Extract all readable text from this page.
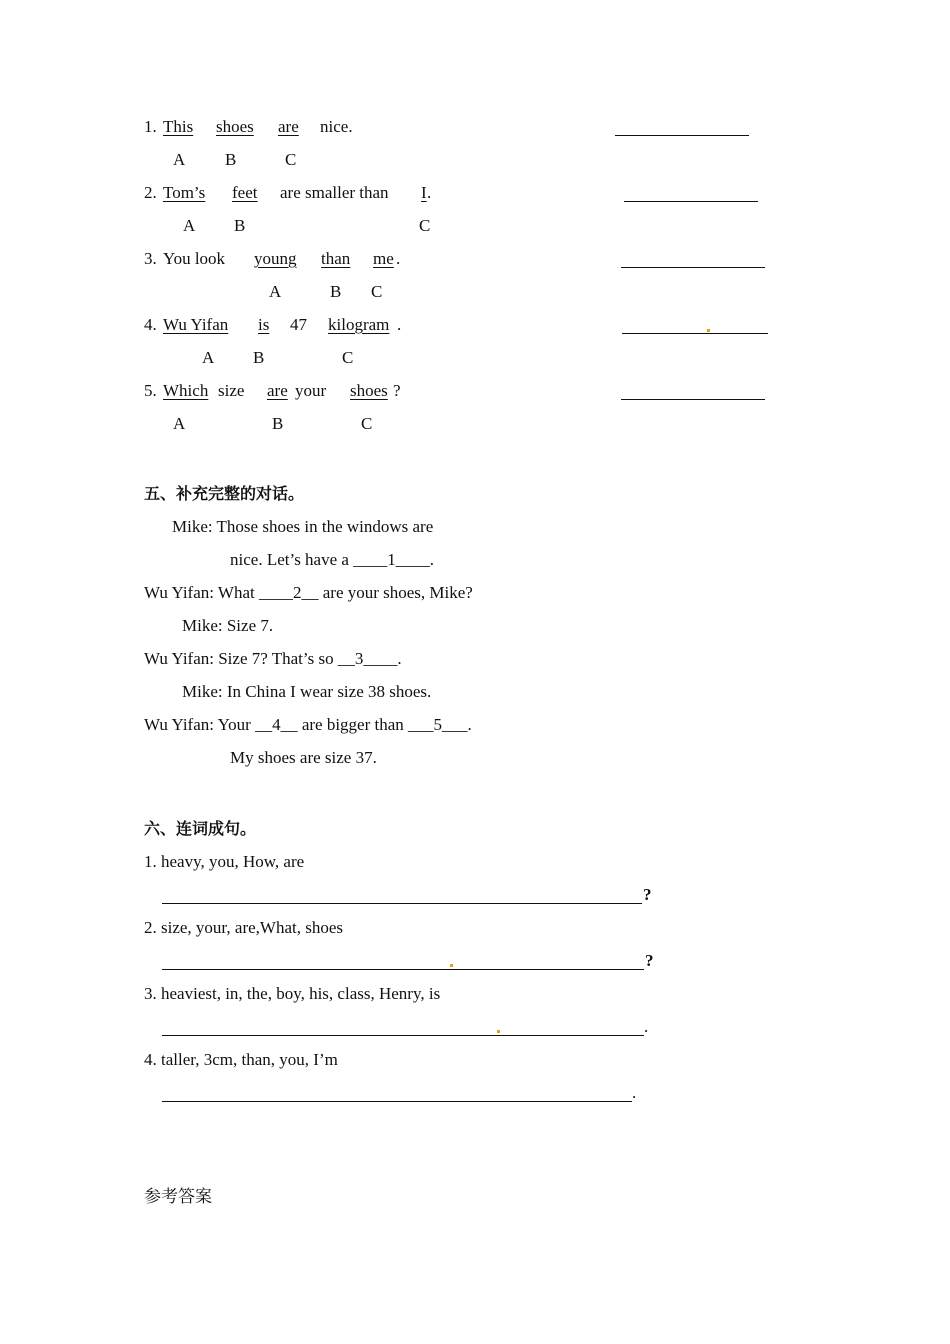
1. This shoes are nice.
A B	C
2. Tom’s feet are smaller than I .
A B	C
3. You look young than me .
A	B C
4. Wu Yifan is 47 kilogram .
A B	C
5. Which size are your shoes ?
A	B	C
五、补充完整的对话。
Mike: Those shoes in the windows are
nice. Let’s have a ____1____.
Wu Yifan: What ____2__ are your shoes, Mike?
Mike: Size 7.
Wu Yifan: Size 7? That’s so __3____.
Mike: In China I wear size 38 shoes.
Wu Yifan: Your __4__ are bigger than ___5___.
My shoes are size 37.
六、连词成句。
1. heavy, you, How, are
?
2. size, your, are,What, shoes
?
3. heaviest, in, the, boy, his, class, Henry, is
.
4. taller, 3cm, than, you, I’m
.
参考答案
